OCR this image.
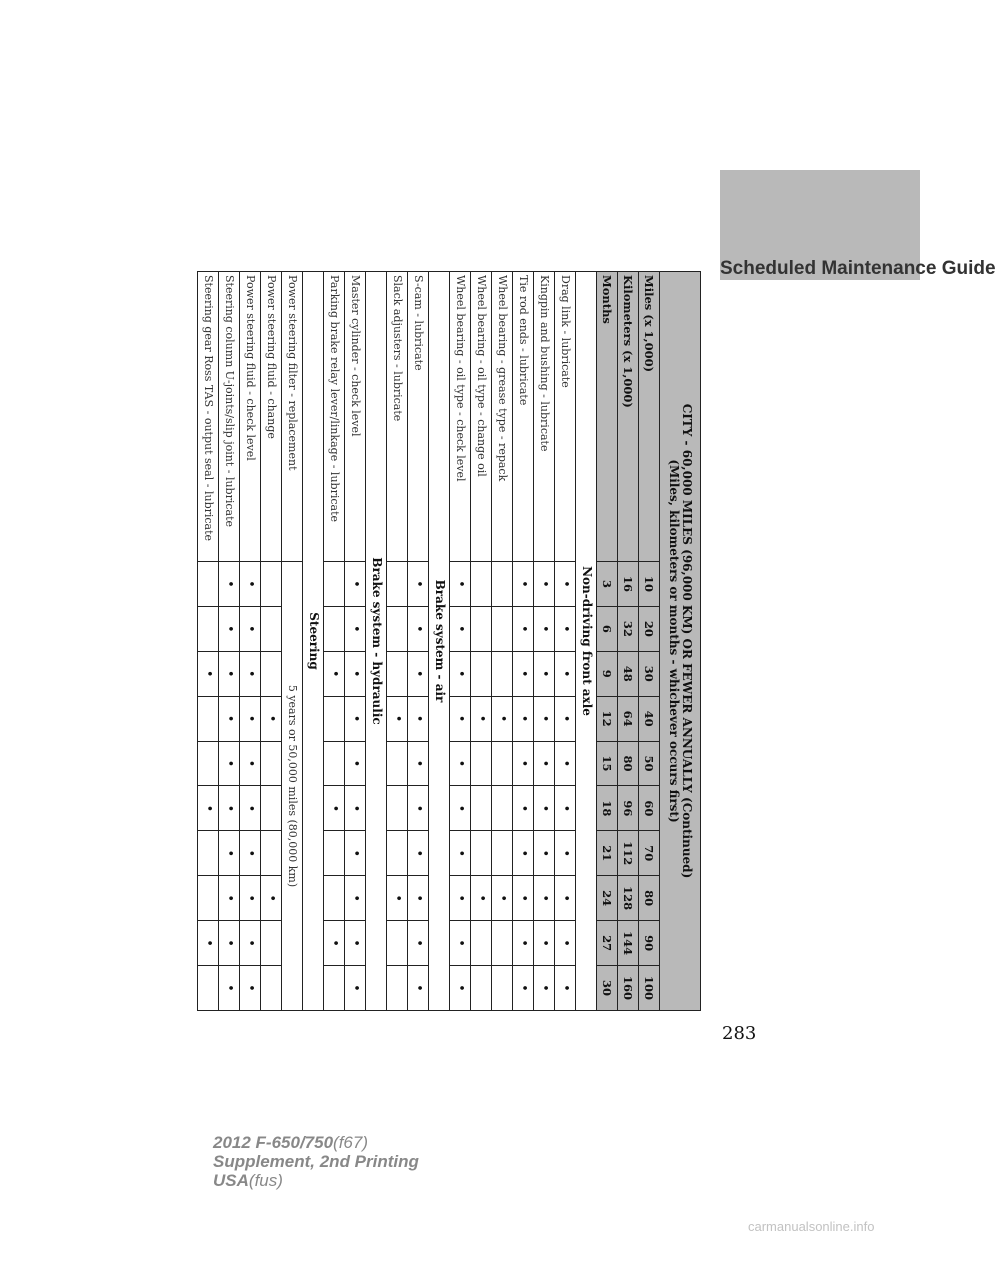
Scheduled Maintenance Guide
CITY - 60,000 MILES (96,000 KM) OR FEWER ANNUALLY (Continued)
(Miles, kilometers or months - whichever occurs first)										

Miles (x 1,000)	10	20	30	40	50	60	70	80	90	100
Kilometers (x 1,000)	16	32	48	64	80	96	112	128	144	160
Months	3	6	9	12	15	18	21	24	27	30
Non-driving front axle										
Drag link - lubricate	•	•	•	•	•	•	•	•	•	•
Kingpin and bushing - lubricate	•	•	•	•	•	•	•	•	•	•
Tie rod ends - lubricate	•	•	•	•	•	•	•	•	•	•
Wheel bearing - grease type - repack				•				•		
Wheel bearing - oil type - change oil				•				•		
Wheel bearing - oil type - check level	•	•	•	•	•	•	•	•	•	•
Brake system - air										
S-cam - lubricate	•	•	•	•	•	•	•	•	•	•
Slack adjusters - lubricate				•				•		
Brake system - hydraulic										
Master cylinder - check level	•	•	•	•	•	•	•	•	•	•
Parking brake relay lever/linkage - lubricate			•			•			•	
Steering										
Power steering filter - replacement	5 years or 50,000 miles (80,000 km)									
Power steering fluid - change				•				•		
Power steering fluid - check level	•	•	•	•	•	•	•	•	•	•
Steering column U-joints/slip joint - lubricate	•	•	•	•	•	•	•	•	•	•
Steering gear Ross TAS - output seal - lubricate			•			•			•	
283
2012 F-650/750(f67)
Supplement, 2nd Printing
USA(fus)
carmanualsonline.info
